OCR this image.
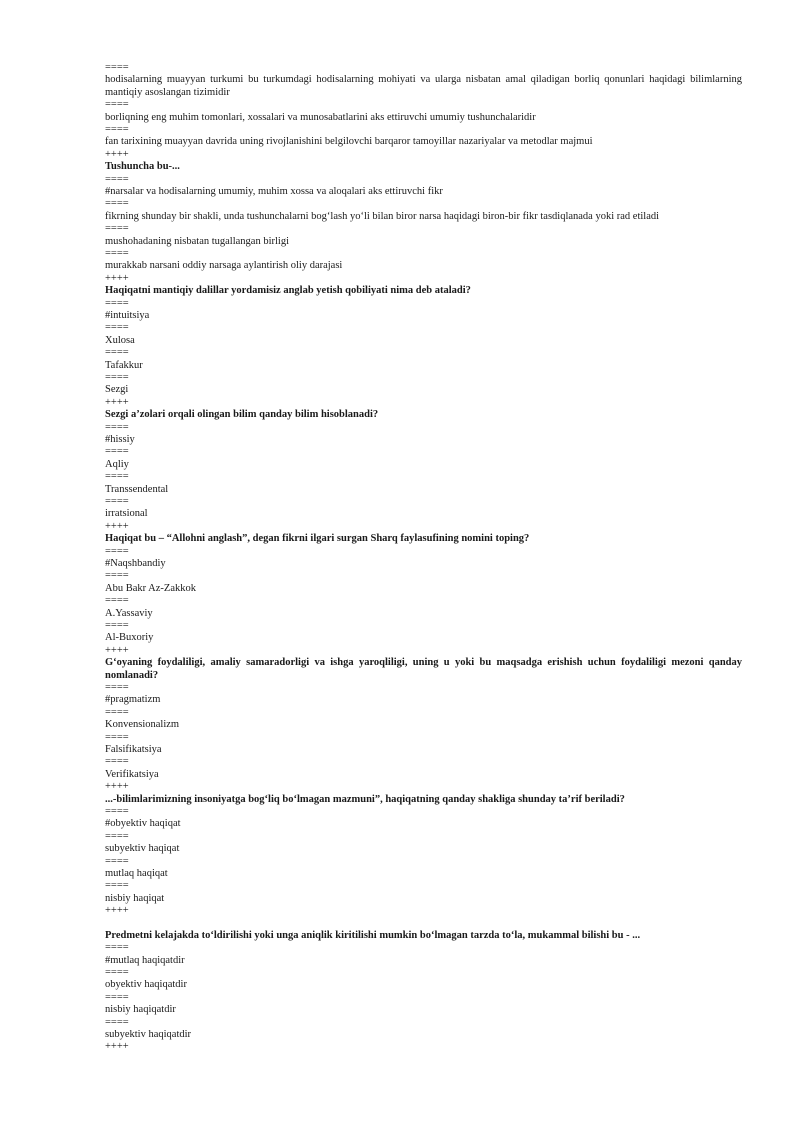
====
hodisalarning muayyan turkumi bu turkumdagi hodisalarning mohiyati va ularga nisbatan amal qiladigan borliq qonunlari haqidagi bilimlarning mantiqiy asoslangan tizimidir
====
borliqning eng muhim tomonlari, xossalari va munosabatlarini aks ettiruvchi umumiy tushunchalaridir
====
fan tarixining muayyan davrida uning rivojlanishini belgilovchi barqaror tamoyillar nazariyalar va metodlar majmui
++++
Tushuncha bu-...
====
#narsalar va hodisalarning umumiy, muhim xossa va aloqalari aks ettiruvchi fikr
====
fikrning shunday bir shakli, unda tushunchalarni bog‘lash yo‘li bilan biror narsa haqidagi biron-bir fikr tasdiqlanada yoki rad etiladi
====
mushohadaning nisbatan tugallangan birligi
====
murakkab narsani oddiy narsaga aylantirish oliy darajasi
++++
Haqiqatni mantiqiy dalillar yordamisiz anglab yetish qobiliyati nima deb ataladi?
====
#intuitsiya
====
Xulosa
====
Tafakkur
====
Sezgi
++++
Sezgi a’zolari orqali olingan bilim qanday bilim hisoblanadi?
====
#hissiy
====
Aqliy
====
Transsendental
====
irratsional
++++
Haqiqat bu – “Allohni anglash”, degan fikrni ilgari surgan Sharq faylasufining nomini toping?
====
#Naqshbandiy
====
Abu Bakr Az-Zakkok
====
A.Yassaviy
====
Al-Buxoriy
++++
G‘oyaning foydaliligi, amaliy samaradorligi va ishga yaroqliligi, uning u yoki bu maqsadga erishish uchun foydaliligi mezoni qanday nomlanadi?
====
#pragmatizm
====
Konvensionalizm
====
Falsifikatsiya
====
Verifikatsiya
++++
...-bilimlarimizning insoniyatga bog‘liq bo‘lmagan mazmuni”, haqiqatning qanday shakliga shunday ta’rif beriladi?
====
#obyektiv haqiqat
====
subyektiv haqiqat
====
mutlaq haqiqat
====
nisbiy haqiqat
++++
Predmetni kelajakda to‘ldirilishi yoki unga aniqlik kiritilishi mumkin bo‘lmagan tarzda to‘la, mukammal bilishi bu - ...
====
#mutlaq haqiqatdir
====
obyektiv haqiqatdir
====
nisbiy haqiqatdir
====
subyektiv haqiqatdir
++++
